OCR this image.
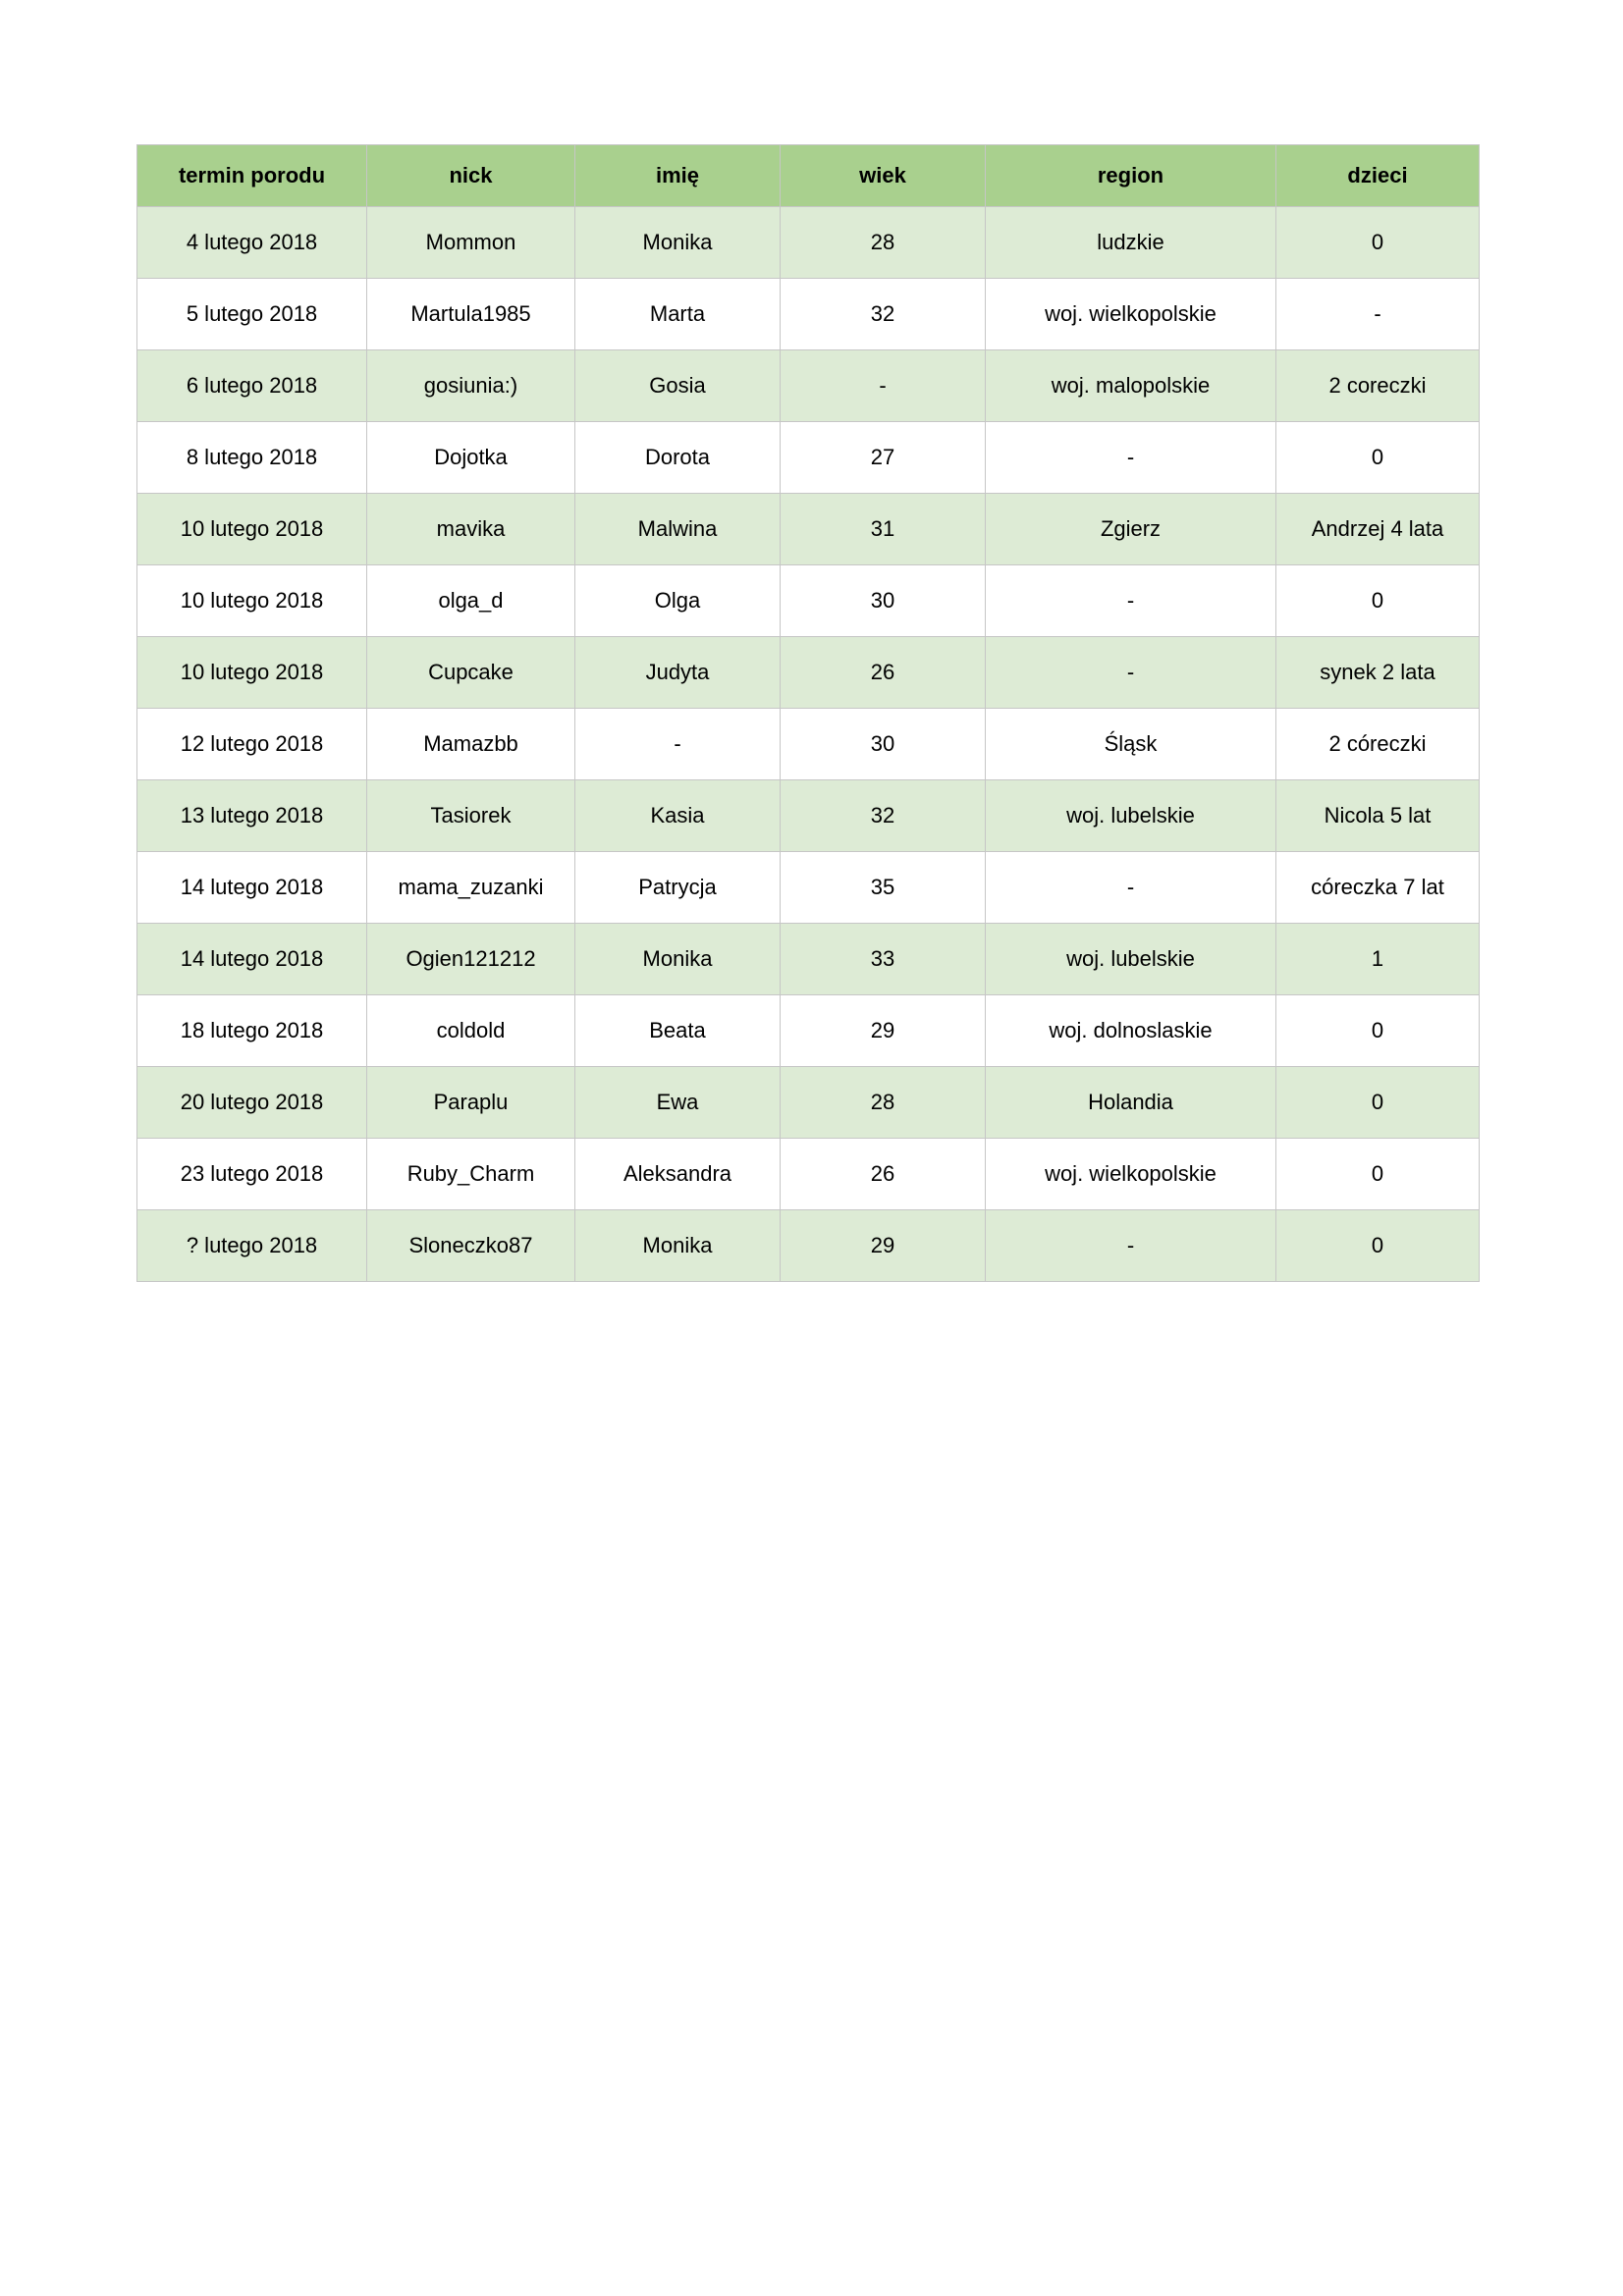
termin porodu	nick	imię	wiek	region	dzieci
4 lutego 2018	Mommon	Monika	28	ludzkie	0
5 lutego 2018	Martula1985	Marta	32	woj. wielkopolskie	-
6 lutego 2018	gosiunia:)	Gosia	-	woj. malopolskie	2 coreczki
8 lutego 2018	Dojotka	Dorota	27	-	0
10 lutego 2018	mavika	Malwina	31	Zgierz	Andrzej 4 lata
10 lutego 2018	olga_d	Olga	30	-	0
10 lutego 2018	Cupcake	Judyta	26	-	synek 2 lata
12 lutego 2018	Mamazbb	-	30	Śląsk	2 córeczki
13 lutego 2018	Tasiorek	Kasia	32	woj. lubelskie	Nicola 5 lat
14 lutego 2018	mama_zuzanki	Patrycja	35	-	córeczka 7 lat
14 lutego 2018	Ogien121212	Monika	33	woj. lubelskie	1
18 lutego 2018	coldold	Beata	29	woj. dolnoslaskie	0
20 lutego 2018	Paraplu	Ewa	28	Holandia	0
23 lutego 2018	Ruby_Charm	Aleksandra	26	woj. wielkopolskie	0
? lutego 2018	Sloneczko87	Monika	29	-	0
